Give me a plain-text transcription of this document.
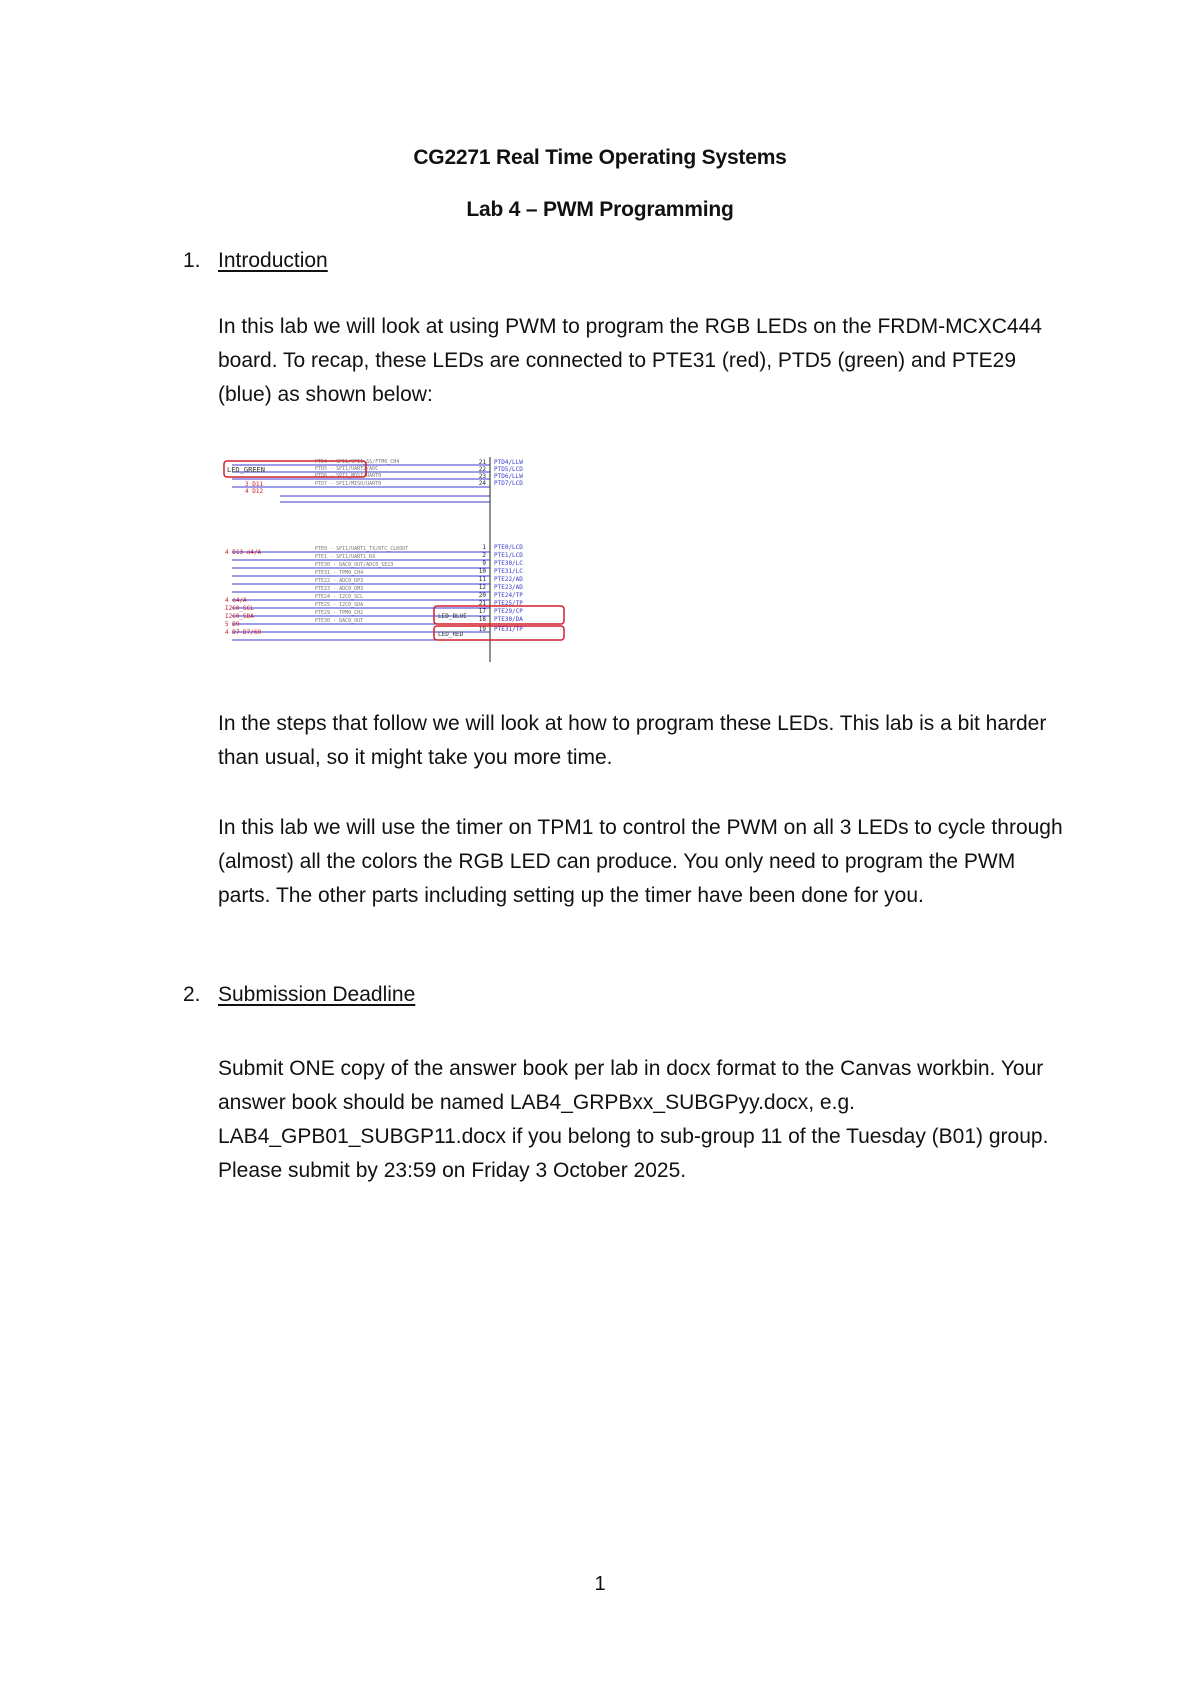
CG2271 Real Time Operating Systems
Lab 4 – PWM Programming
1. Introduction

In this lab we will look at using PWM to program the RGB LEDs on the FRDM-MCXC444 board. To recap, these LEDs are connected to PTE31 (red), PTD5 (green) and PTE29 (blue) as shown below:

PTD4 - SPI1/SPI1_SS/FTM0_CH4
PTD5 - SPI1/UART2/ADC
PTD6 - SPI1_MOSI/UART0
PTD7 - SPI1/MISO/UART0
LED_GREEN
3 D11
4 D12
21
22
23
24
PTD4/LLW
PTD5/LCD
PTD6/LLW
PTD7/LCD
PTE0 - SPI1/UART1_TX/RTC_CLKOUT
PTE1 - SPI1/UART1_RX
PTE30 - DAC0_OUT/ADC0_SE23
PTE31 - TPM0_CH4
PTE22 - ADC0_DP3
PTE23 - ADC0_DM3
PTE24 - I2C0_SCL
PTE25 - I2C0_SDA
PTE29 - TPM0_CH2
PTE30 - DAC0_OUT
4 D13 a4/A
4 a4/A
I2C0_SCL
I2C0_SDA
5 D9
4 D7 D7/60
1
2
9
10
11
12
20
21
17
18
19
PTE0/LCD
PTE1/LCD
PTE30/LC
PTE31/LC
PTE22/AD
PTE23/AD
PTE24/TP
PTE25/TP
PTE29/CP
PTE30/DA
PTE31/TP
LED_BLUE
LED_RED

In the steps that follow we will look at how to program these LEDs. This lab is a bit harder than usual, so it might take you more time.

In this lab we will use the timer on TPM1 to control the PWM on all 3 LEDs to cycle through (almost) all the colors the RGB LED can produce. You only need to program the PWM parts. The other parts including setting up the timer have been done for you.

2. Submission Deadline

Submit ONE copy of the answer book per lab in docx format to the Canvas workbin. Your answer book should be named LAB4_GRPBxx_SUBGPyy.docx, e.g. LAB4_GPB01_SUBGP11.docx if you belong to sub-group 11 of the Tuesday (B01) group. Please submit by 23:59 on Friday 3 October 2025.

1
